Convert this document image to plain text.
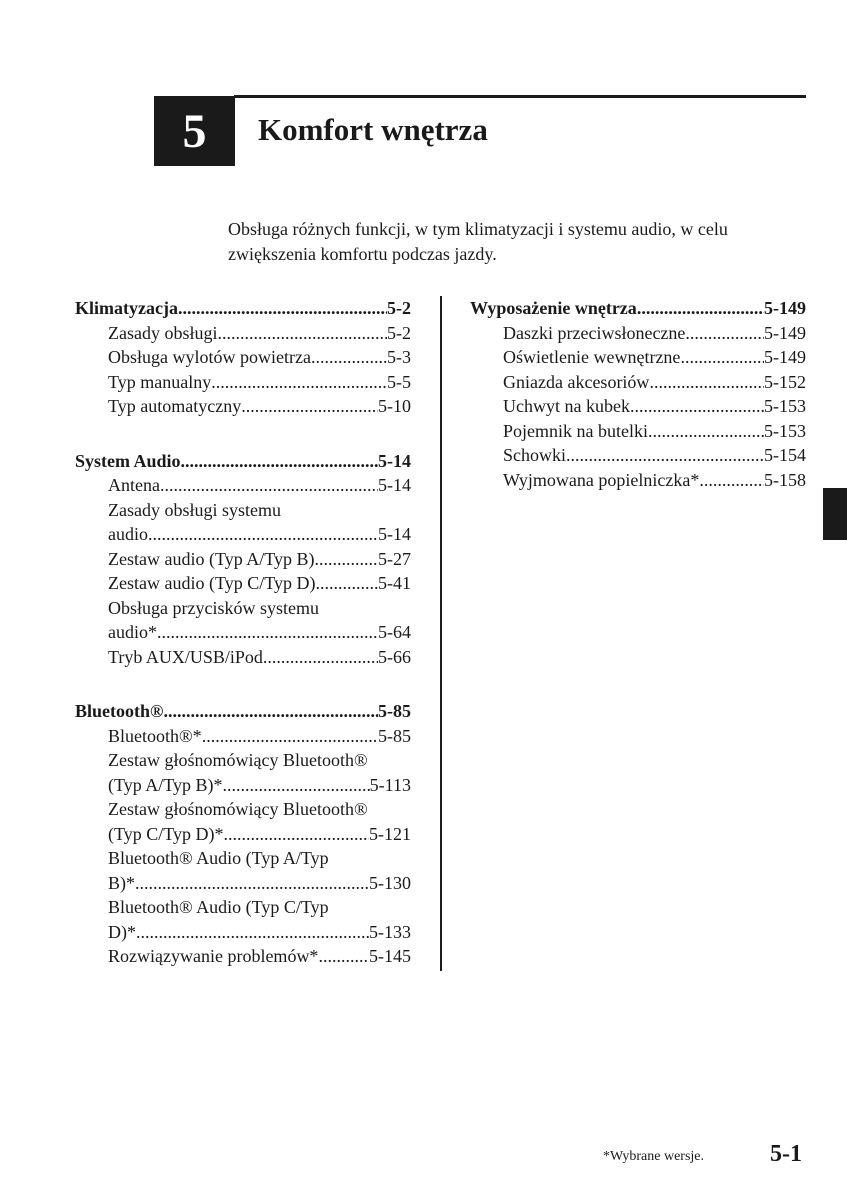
5 Komfort wnętrza

Obsługa różnych funkcji, w tym klimatyzacji i systemu audio, w celu zwiększenia komfortu podczas jazdy.

Klimatyzacja .....	5-2
Zasady obsługi .....	5-2
Obsługa wylotów powietrza .....	5-3
Typ manualny .....	5-5
Typ automatyczny .....	5-10
System Audio .....	5-14
Antena .....	5-14
Zasady obsługi systemu
audio .....	5-14
Zestaw audio (Typ A/Typ B) .....	5-27
Zestaw audio (Typ C/Typ D) .....	5-41
Obsługa przycisków systemu
audio* .....	5-64
Tryb AUX/USB/iPod .....	5-66
Bluetooth® .....	5-85
Bluetooth®* .....	5-85
Zestaw głośnomówiący Bluetooth®
(Typ A/Typ B)* .....	5-113
Zestaw głośnomówiący Bluetooth®
(Typ C/Typ D)* .....	5-121
Bluetooth® Audio (Typ A/Typ
B)* .....	5-130
Bluetooth® Audio (Typ C/Typ
D)* .....	5-133
Rozwiązywanie problemów* .....	5-145
Wyposażenie wnętrza .....	5-149
Daszki przeciwsłoneczne .....	5-149
Oświetlenie wewnętrzne .....	5-149
Gniazda akcesoriów .....	5-152
Uchwyt na kubek .....	5-153
Pojemnik na butelki .....	5-153
Schowki .....	5-154
Wyjmowana popielniczka* .....	5-158
*Wybrane wersje.	5-1
